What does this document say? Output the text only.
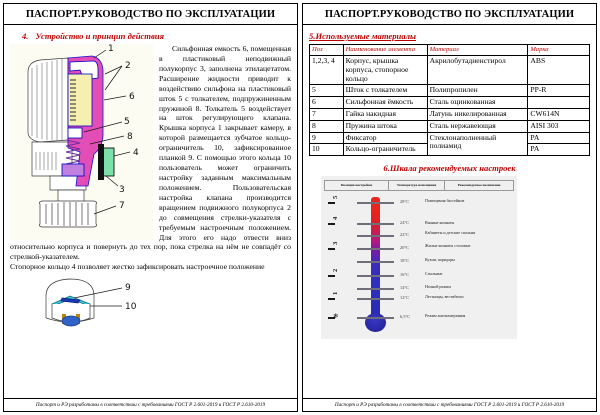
ПАСПОРТ.РУКОВОДСТВО ПО ЭКСПЛУАТАЦИИ
4. Устройство и принцип действия
1
2
6
5
8
4
3
7

Сильфонная емкость 6, помещенная в пластиковый неподвижный полукорпус 3, заполнена этилацетатом. Расширение жидкости приводит к воздействию сильфона на пластиковый шток 5 с толкателем, подпружиненным пружиной 8. Толкатель 5 воздействует на шток регулирующего клапана. Крышка корпуса 1 закрывает камеру, в которой размещается зубчатое кольцо-ограничитель 10, зафиксированное планкой 9. С помощью этого кольца 10 пользователь может ограничить настройку заданным максимальным положением. Пользовательская настройка клапана производится вращением подвижного полукорпуса 2 до совмещения стрелки-указателя с требуемым настроечным положением. Для этого его надо отвести вниз относительно корпуса и повернуть до тех пор, пока стрелка на нём не совпадёт со стрелкой-указателем.

Стопорное кольцо 4 позволяет жестко зафиксировать настроечное положение

9
10
Паспорт и РЭ разработаны в соответствии с требованиями ГОСТ Р 2.601-2019 и ГОСТ Р 2.610-2019
ПАСПОРТ.РУКОВОДСТВО ПО ЭКСПЛУАТАЦИИ
5.Используемые материалы
Поз	Наименование элемента	Материал	Марка
1,2,3, 4	Корпус, крышка корпуса, стопорное кольцо	Акрилобутадиенстирол	ABS
5	Шток с толкателем	Полипропилен	PP-R
6	Сильфонная ёмкость	Сталь оцинкованная	
7	Гайка накидная	Латунь никелированная	CW614N
8	Пружина штока	Сталь нержавеющая	AISI 303
9	Фиксатор	Стеклонаполненный полиамид	PA
10	Кольцо-ограничитель		PA
6.Шкала рекомендуемых настроек
Позиция настройки	Температура помещения	Рекомендуемое назначение
5
28°C	Помещения бассейнов
4
24°C	Ванные комнаты
22°C	Кабинеты и детские спальни
3
20°C	Жилые комнаты столовые
18°C	Кухни, коридоры
2
16°C	Спальные
14°C	Ночной режим
1
12°C	Лестницы, вестибюли
❄	6,5°C	Режим антизамерзания
Паспорт и РЭ разработаны в соответствии с требованиями ГОСТ Р 2.601-2019 и ГОСТ Р 2.610-2019
